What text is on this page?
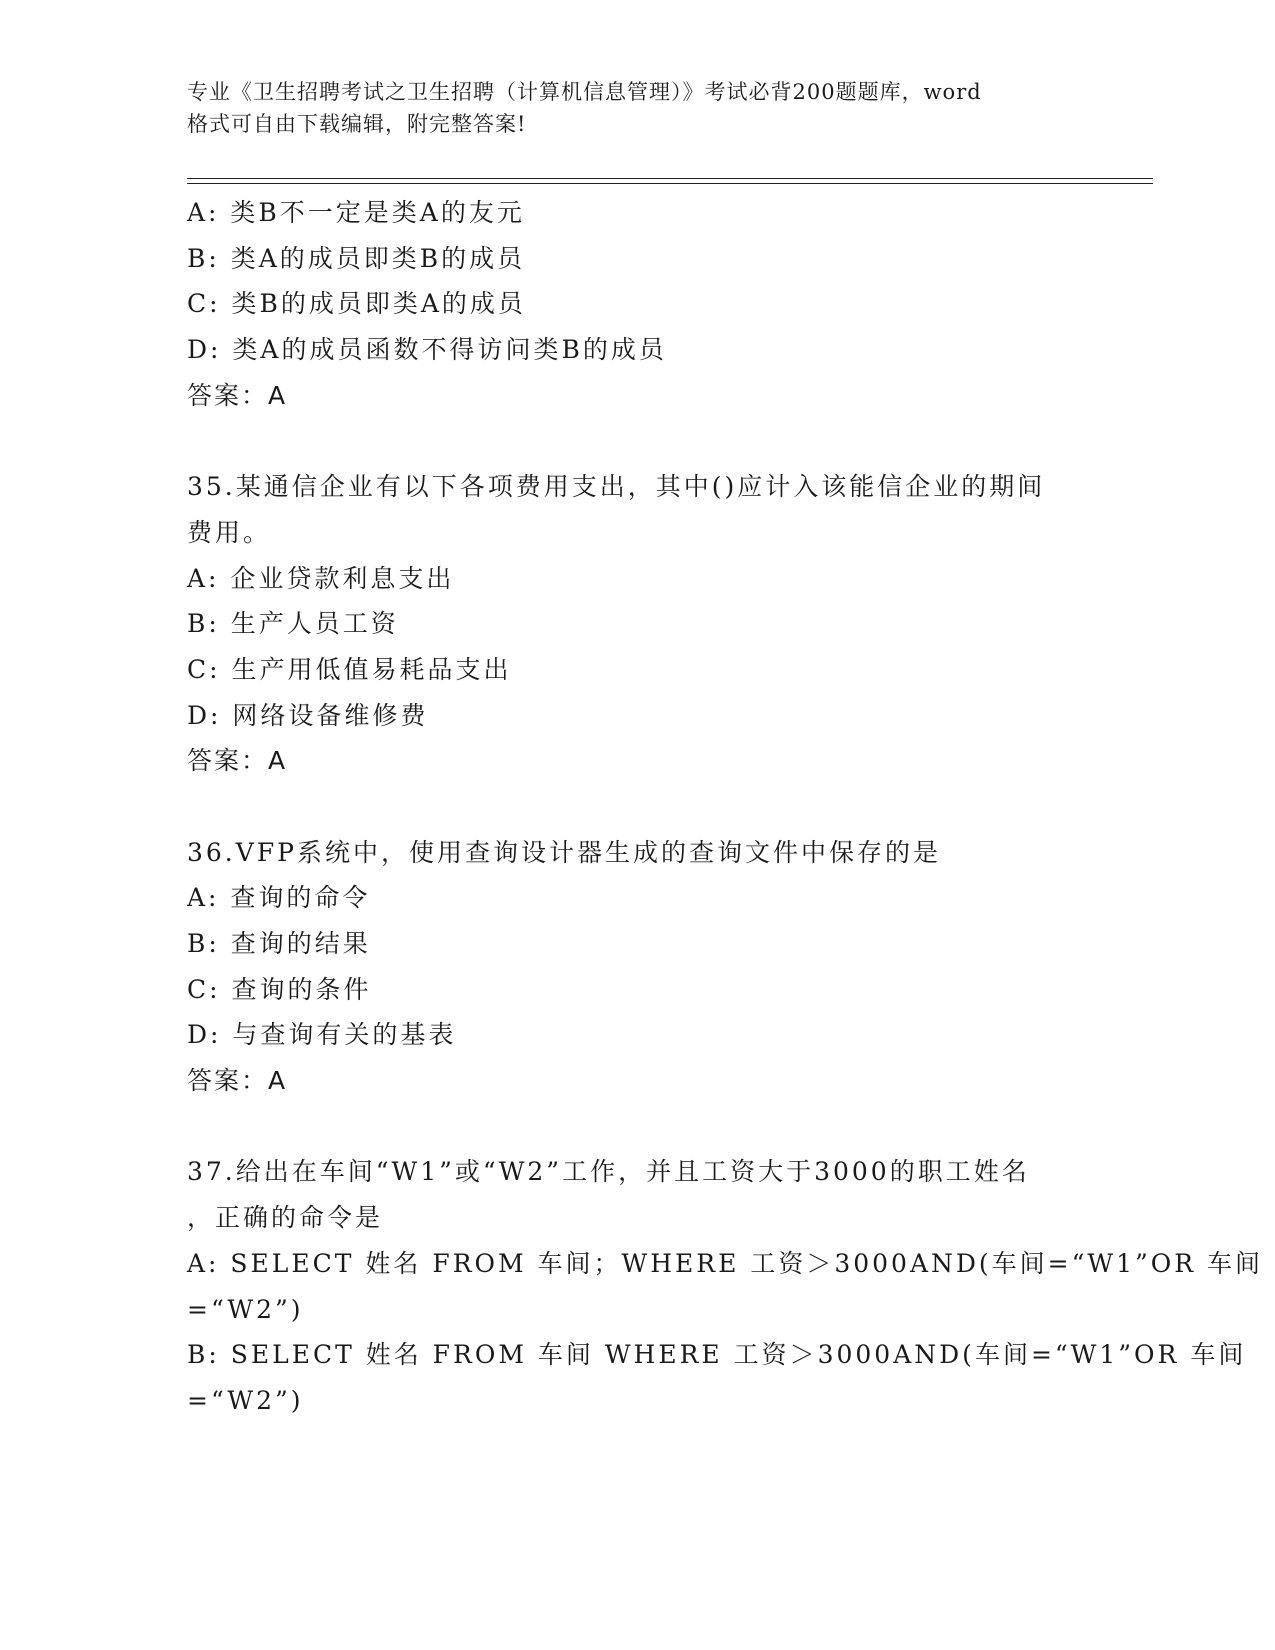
专业《卫生招聘考试之卫生招聘（计算机信息管理）》考试必背200题题库，word
格式可自由下载编辑，附完整答案!
A: 类B不一定是类A的友元
B: 类A的成员即类B的成员
C: 类B的成员即类A的成员
D: 类A的成员函数不得访问类B的成员
答案：A
35.某通信企业有以下各项费用支出，其中()应计入该能信企业的期间
费用。
A: 企业贷款利息支出
B: 生产人员工资
C: 生产用低值易耗品支出
D: 网络设备维修费
答案：A
36.VFP系统中，使用查询设计器生成的查询文件中保存的是
A: 查询的命令
B: 查询的结果
C: 查询的条件
D: 与查询有关的基表
答案：A
37.给出在车间“W1”或“W2”工作，并且工资大于3000的职工姓名
，正确的命令是
A: SELECT 姓名 FROM 车间；WHERE 工资＞3000AND(车间=“W1”OR 车间
=“W2”)
B: SELECT 姓名 FROM 车间 WHERE 工资＞3000AND(车间=“W1”OR 车间
=“W2”)
